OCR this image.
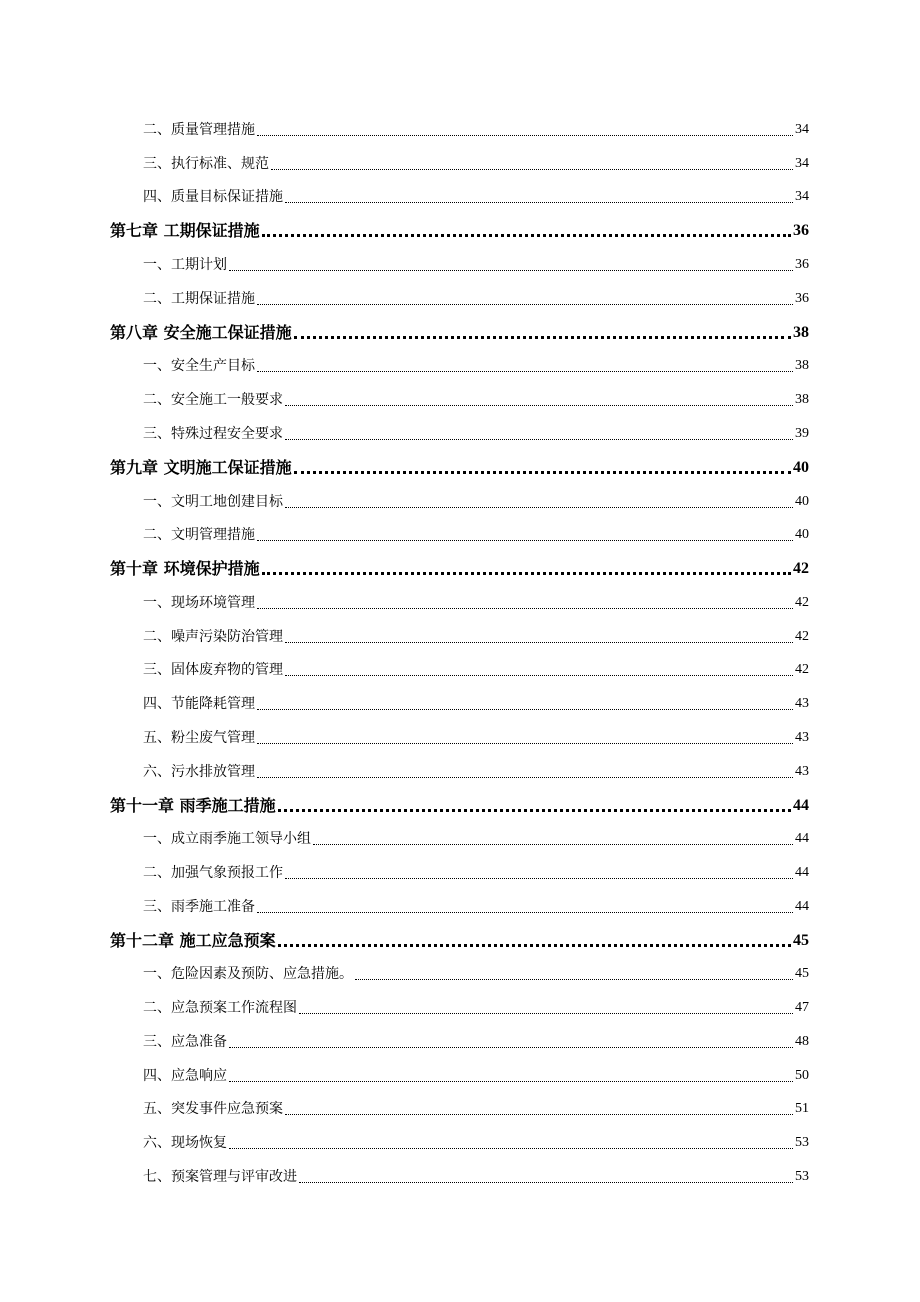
二、质量管理措施	34
三、执行标准、规范	34
四、质量目标保证措施	34
第七章 工期保证措施	36
一、工期计划	36
二、工期保证措施	36
第八章 安全施工保证措施	38
一、安全生产目标	38
二、安全施工一般要求	38
三、特殊过程安全要求	39
第九章 文明施工保证措施	40
一、文明工地创建目标	40
二、文明管理措施	40
第十章 环境保护措施	42
一、现场环境管理	42
二、噪声污染防治管理	42
三、固体废弃物的管理	42
四、节能降耗管理	43
五、粉尘废气管理	43
六、污水排放管理	43
第十一章 雨季施工措施	44
一、成立雨季施工领导小组	44
二、加强气象预报工作	44
三、雨季施工准备	44
第十二章 施工应急预案	45
一、危险因素及预防、应急措施。	45
二、应急预案工作流程图	47
三、应急准备	48
四、应急响应	50
五、突发事件应急预案	51
六、现场恢复	53
七、预案管理与评审改进	53
